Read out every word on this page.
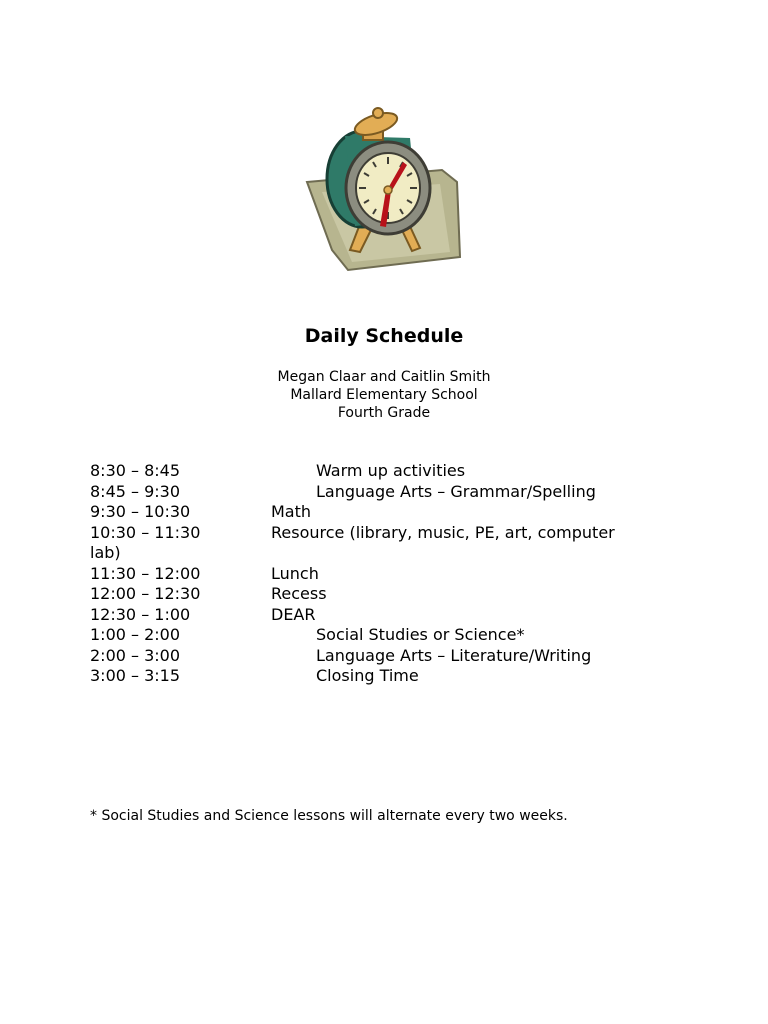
Daily Schedule
Megan Claar and Caitlin Smith
Mallard Elementary School
Fourth Grade
8:30 – 8:45	Warm up activities
8:45 – 9:30	Language Arts – Grammar/Spelling
9:30 – 10:30	Math
10:30 – 11:30	Resource (library, music, PE, art, computer
lab)
11:30 – 12:00	Lunch
12:00 – 12:30	Recess
12:30 – 1:00	DEAR
1:00 – 2:00	Social Studies or Science*
2:00 – 3:00	Language Arts – Literature/Writing
3:00 – 3:15	Closing Time
* Social Studies and Science lessons will alternate every two weeks.
